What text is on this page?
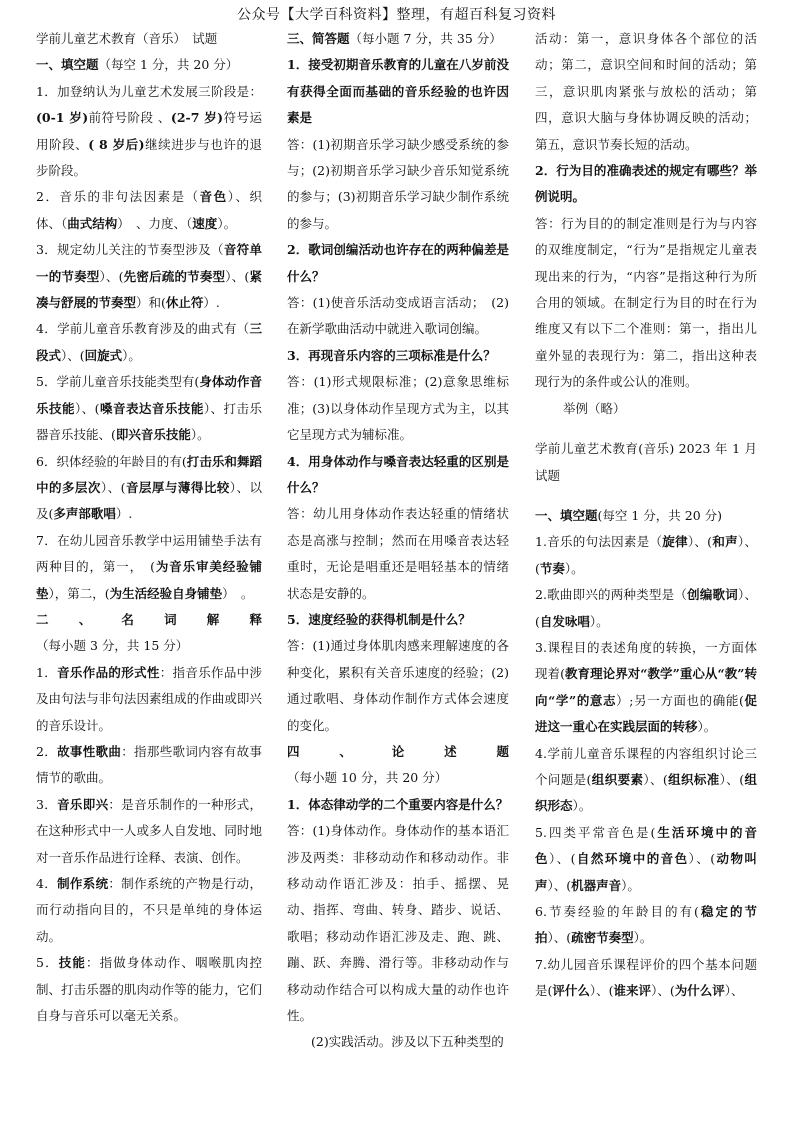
公众号【大学百科资料】整理，有超百科复习资料

学前儿童艺术教育（音乐）　试题

一、填空题（每空 1 分，共 20 分）

1．加登纳认为儿童艺术发展三阶段是：(0-1 岁)前符号阶段 、(2-7 岁)符号运用阶段、( 8 岁后)继续进步与也许的退步阶段。

2．音乐的非句法因素是（音色）、织体、（曲式结构）　、力度、（速度）。

3．规定幼儿关注的节奏型涉及（音符单一的节奏型）、(先密后疏的节奏型）、(紧凑与舒展的节奏型）和(休止符）.

4．学前儿童音乐教育涉及的曲式有（三段式）、(回旋式）。

5．学前儿童音乐技能类型有(身体动作音乐技能）、(嗓音表达音乐技能）、打击乐器音乐技能、(即兴音乐技能）。

6．织体经验的年龄目的有(打击乐和舞蹈中的多层次）、(音层厚与薄得比较）、以及(多声部歌唱）.

7．在幼儿园音乐教学中运用铺垫手法有两种目的，第一，　(为音乐审美经验铺垫），第二，(为生活经验自身铺垫）　。

二、名词解释（每小题 3 分，共 15 分）

1．音乐作品的形式性：指音乐作品中涉及由句法与非句法因素组成的作曲或即兴的音乐设计。

2．故事性歌曲：指那些歌词内容有故事情节的歌曲。

3．音乐即兴：是音乐制作的一种形式，在这种形式中一人或多人自发地、同时地对一音乐作品进行诠释、表演、创作。

4．制作系统：制作系统的产物是行动，而行动指向目的，不只是单纯的身体运动。

5．技能：指做身体动作、咽喉肌肉控制、打击乐器的肌肉动作等的能力，它们自身与音乐可以毫无关系。

三、简答题（每小题 7 分，共 35 分）

1．接受初期音乐教育的儿童在八岁前没有获得全面而基础的音乐经验的也许因素是

答：(1)初期音乐学习缺少感受系统的参与；(2)初期音乐学习缺少音乐知觉系统的参与；(3)初期音乐学习缺少制作系统的参与。

2．歌词创编活动也许存在的两种偏差是什么？

答：(1)使音乐活动变成语言活动；　(2)在新学歌曲活动中就进入歌词创编。

3．再现音乐内容的三项标准是什么？

答：(1)形式规限标准；(2)意象思维标准；(3)以身体动作呈现方式为主，以其它呈现方式为辅标准。

4．用身体动作与嗓音表达轻重的区别是什么？

答：幼儿用身体动作表达轻重的情绪状态是高涨与控制；然而在用嗓音表达轻重时，无论是唱重还是唱轻基本的情绪状态是安静的。

5．速度经验的获得机制是什么？

答：(1)通过身体肌肉感来理解速度的各种变化，累积有关音乐速度的经验；(2)通过歌唱、身体动作制作方式体会速度的变化。

四、论述题（每小题 10 分，共 20 分）

1．体态律动学的二个重要内容是什么？

答：(1)身体动作。身体动作的基本语汇涉及两类：非移动动作和移动动作。非移动动作语汇涉及：拍手、摇摆、晃动、指挥、弯曲、转身、踏步、说话、歌唱；移动动作语汇涉及走、跑、跳、蹦、跃、奔腾、滑行等。非移动动作与移动动作结合可以构成大量的动作也许性。

(2)实践活动。涉及以下五种类型的

活动：第一，意识身体各个部位的活动；第二，意识空间和时间的活动；第三，意识肌肉紧张与放松的活动；第四，意识大脑与身体协调反映的活动；第五，意识节奏长短的活动。

2．行为目的准确表述的规定有哪些？举例说明。

答：行为目的的制定准则是行为与内容的双维度制定，“行为”是指规定儿童表现出来的行为，“内容”是指这种行为所合用的领域。在制定行为目的时在行为维度又有以下二个准则：第一，指出儿童外显的表现行为：第二，指出这种表现行为的条件或公认的准则。

举例（略）

学前儿童艺术教育(音乐) 2023 年 1 月试题

一、填空题(每空 1 分，共 20 分)

1.音乐的句法因素是（旋律）、(和声）、(节奏）。

2.歌曲即兴的两种类型是（创编歌词）、(自发咏唱）。

3.课程目的表述角度的转换，一方面体现着(教育理论界对“教学”重心从“教”转向“学”的意志）;另一方面也的确能(促进这一重心在实践层面的转移）。

4.学前儿童音乐课程的内容组织讨论三个问题是(组织要素）、(组织标准）、(组织形态）。

5.四类平常音色是(生活环境中的音色）、(自然环境中的音色）、(动物叫声）、(机器声音）。

6.节奏经验的年龄目的有(稳定的节拍）、(疏密节奏型）。

7.幼儿园音乐课程评价的四个基本问题是(评什么）、(谁来评）、(为什么评）、
